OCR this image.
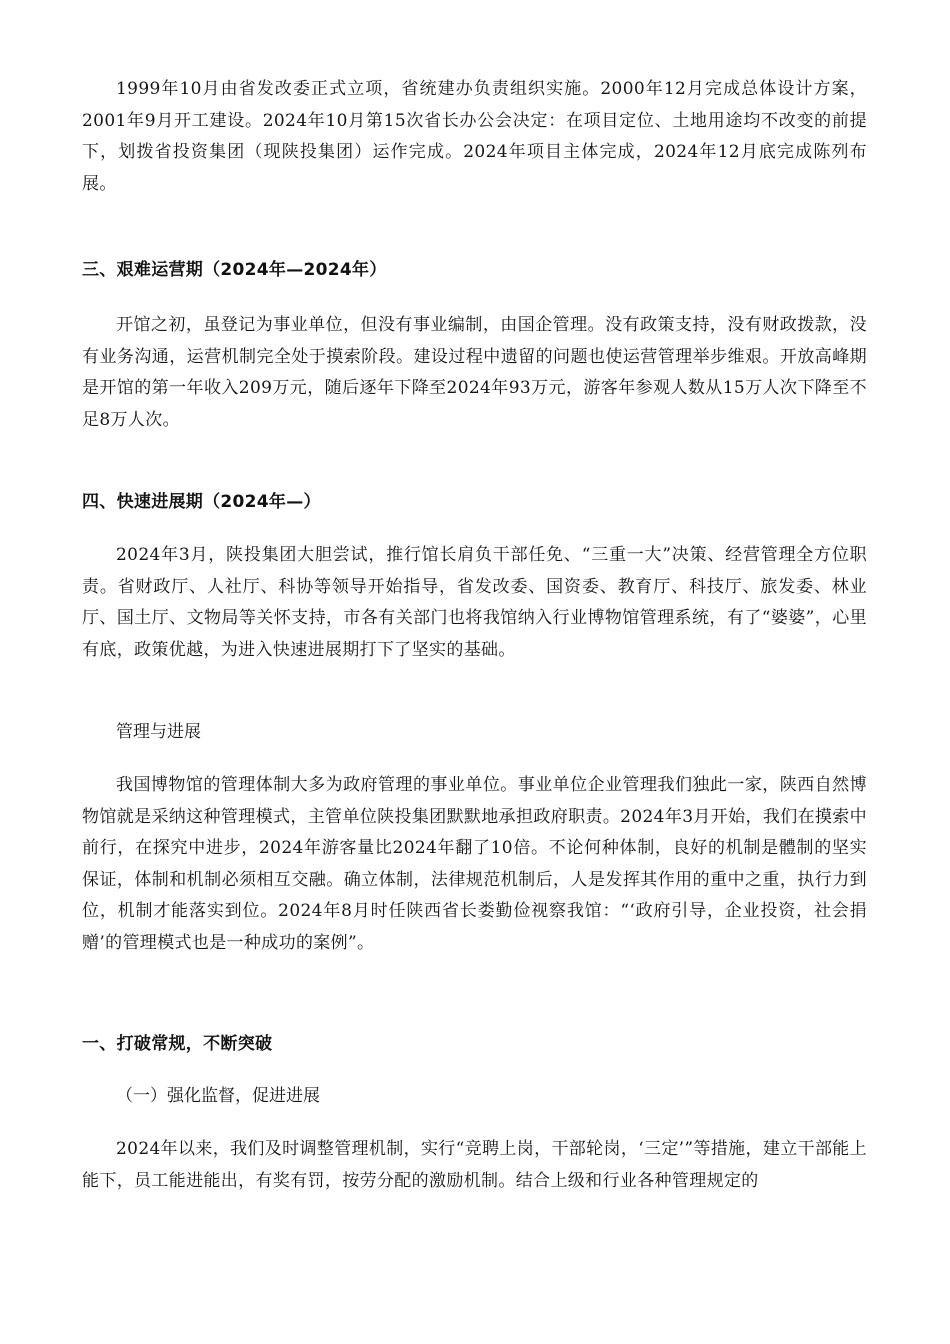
1999年10月由省发改委正式立项，省统建办负责组织实施。2000年12月完成总体设计方案，2001年9月开工建设。2024年10月第15次省长办公会决定：在项目定位、土地用途均不改变的前提下，划拨省投资集团（现陕投集团）运作完成。2024年项目主体完成，2024年12月底完成陈列布展。

三、艰难运营期（2024年—2024年）

开馆之初，虽登记为事业单位，但没有事业编制，由国企管理。没有政策支持，没有财政拨款，没有业务沟通，运营机制完全处于摸索阶段。建设过程中遗留的问题也使运营管理举步维艰。开放高峰期是开馆的第一年收入209万元，随后逐年下降至2024年93万元，游客年参观人数从15万人次下降至不足8万人次。

四、快速进展期（2024年—）

2024年3月，陕投集团大胆尝试，推行馆长肩负干部任免、“三重一大”决策、经营管理全方位职责。省财政厅、人社厅、科协等领导开始指导，省发改委、国资委、教育厅、科技厅、旅发委、林业厅、国土厅、文物局等关怀支持，市各有关部门也将我馆纳入行业博物馆管理系统，有了“婆婆”，心里有底，政策优越，为进入快速进展期打下了坚实的基础。

管理与进展

我国博物馆的管理体制大多为政府管理的事业单位。事业单位企业管理我们独此一家，陕西自然博物馆就是采纳这种管理模式，主管单位陕投集团默默地承担政府职责。2024年3月开始，我们在摸索中前行，在探究中进步，2024年游客量比2024年翻了10倍。不论何种体制，良好的机制是體制的坚实保证，体制和机制必须相互交融。确立体制，法律规范机制后，人是发挥其作用的重中之重，执行力到位，机制才能落实到位。2024年8月时任陕西省长娄勤俭视察我馆：“‘政府引导，企业投资，社会捐赠’的管理模式也是一种成功的案例”。

一、打破常规，不断突破

（一）强化监督，促进进展

2024年以来，我们及时调整管理机制，实行“竞聘上岗，干部轮岗，‘三定’”等措施，建立干部能上能下，员工能进能出，有奖有罚，按劳分配的激励机制。结合上级和行业各种管理规定的
